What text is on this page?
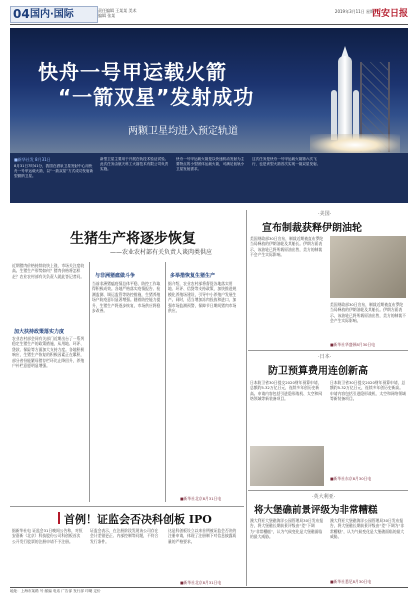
04 国内·国际	责任编辑 王某某 美术编辑 张某
2019年3月11日 星期一
西安日报
快舟一号甲运载火箭
“一箭双星”发射成功
两颗卫星均进入预定轨道
■新华社发 8月31日
8月31日7时41分，我国在酒泉卫星发射中心用快舟一号甲运载火箭，以“一箭双星”方式成功发射新型微纳卫星。
新型卫星主要用于开展在轨技术验证试验。此次任务由航天科工火箭技术有限公司负责实施。
快舟一号甲运载火箭是以快速机动发射为主要特点的小型固体运载火箭，可满足低轨小卫星发射需求。
这次任务是快舟一号甲运载火箭第六次飞行，也是该型火箭首次实现一箭双星发射。
生猪生产将逐步恢复
——农业农村部有关负责人谈肉类供应
近期猪肉价格持续较快上涨，市场关注度较高。生猪生产形势如何？猪肉价格将怎样走？农业农村部有关负责人就此答记者问。
加大扶持政策落实力度
农业农村部会同有关部门近期出台了一系列稳定生猪生产的政策措施，从用地、环评、贷款、保险等方面加大支持力度。各地积极响应，生猪生产恢复的积极因素正在累积，部分省份能繁母猪存栏环比止降回升，养殖户补栏意愿明显增强。
与非洲猪瘟做斗争
当前非洲猪瘟疫情总体平稳，防控工作取得积极成效。各地严格落实疫情报告、检测监测、调运监管等防控措施，生猪养殖场户防疫意识显著增强。随着防控能力提升，生猪生产将逐步恢复，市场供应将稳步改善。
多举措恢复生猪生产
据介绍，农业农村部将督促各地落实用地、环评、信贷等支持政策，加快推进规模化养殖场建设，引导中小养殖户发展生产。同时，适当增加冻肉投放和进口，加强市场监测预警，保障节日期间猪肉市场供应。
■新华社北京8月31日电
首例！证监会否决科创板 IPO
据新华社电 证监会31日晚间公告称，对恒安嘉新（北京）科技股份公司科创板首次公开发行股票的注册申请不予注册。
证监会表示，在注册阶段发现该公司存在会计差错更正、内部控制等问题，不符合发行条件。
这是科创板设立以来首例被证监会否决的注册申请，体现了注册制下对信息披露质量的严格要求。
■新华社北京8月31日电
·美国·
宣布制裁获释伊朗油轮
美国财政部30日宣布，制裁近期被直布罗陀当局释放的伊朗油轮及其船长。伊朗方面表示，该油轮已将所载原油出售，美方的制裁不会产生实际影响。
美国财政部30日宣布，制裁近期被直布罗陀当局释放的伊朗油轮及其船长。伊朗方面表示，该油轮已将所载原油出售，美方的制裁不会产生实际影响。
■新华社华盛顿8月30日电
·日本·
防卫预算费用连创新高
日本防卫省30日提交2020财年预算申请，总额约5.32万亿日元，连续多年创历史新高。申请内容包括引进隐形战机、太空和网络领域等新装备项目。
日本防卫省30日提交2020财年预算申请，总额约5.32万亿日元，连续多年创历史新高。申请内容包括引进隐形战机、太空和网络领域等新装备项目。
■新华社东京8月30日电
·英大利亚·
将大堡礁前景评级为非常糟糕
澳大利亚大堡礁海洋公园管理局30日发布报告，将大堡礁长期前景评级由“差”下调为“非常糟糕”，认为气候变化是大堡礁面临的最大威胁。
澳大利亚大堡礁海洋公园管理局30日发布报告，将大堡礁长期前景评级由“差”下调为“非常糟糕”，认为气候变化是大堡礁面临的最大威胁。
■新华社悉尼8月30日电
地址：上海市某路 号 邮编 电话 广告部 发行部 印刷 定价
